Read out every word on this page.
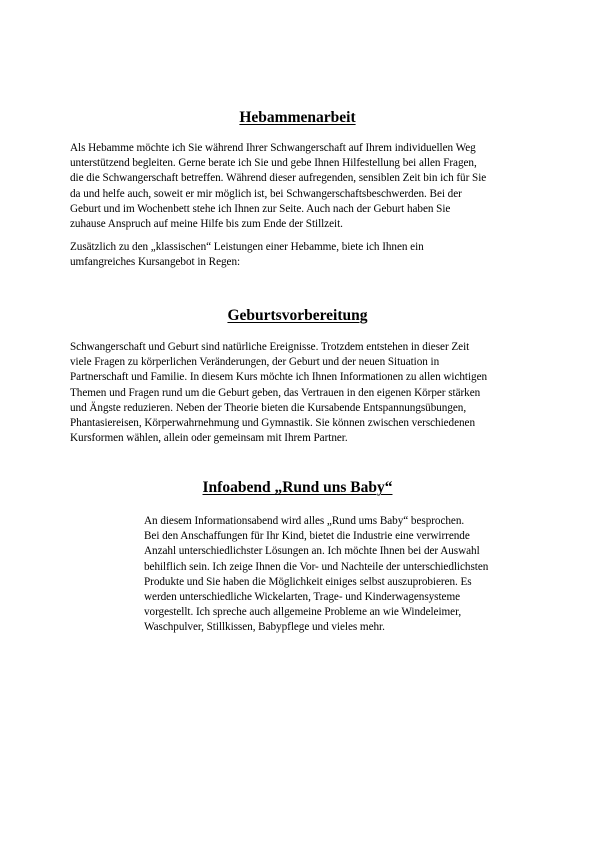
Hebammenarbeit

Als Hebamme möchte ich Sie während Ihrer Schwangerschaft auf Ihrem individuellen Weg
unterstützend begleiten. Gerne berate ich Sie und gebe Ihnen Hilfestellung bei allen Fragen,
die die Schwangerschaft betreffen. Während dieser aufregenden, sensiblen Zeit bin ich für Sie
da und helfe auch, soweit er mir möglich ist, bei Schwangerschaftsbeschwerden. Bei der
Geburt und im Wochenbett stehe ich Ihnen zur Seite. Auch nach der Geburt haben Sie
zuhause Anspruch auf meine Hilfe bis zum Ende der Stillzeit.

Zusätzlich zu den „klassischen“ Leistungen einer Hebamme, biete ich Ihnen ein
umfangreiches Kursangebot in Regen:

Geburtsvorbereitung

Schwangerschaft und Geburt sind natürliche Ereignisse. Trotzdem entstehen in dieser Zeit
viele Fragen zu körperlichen Veränderungen, der Geburt und der neuen Situation in
Partnerschaft und Familie. In diesem Kurs möchte ich Ihnen Informationen zu allen wichtigen
Themen und Fragen rund um die Geburt geben, das Vertrauen in den eigenen Körper stärken
und Ängste reduzieren. Neben der Theorie bieten die Kursabende Entspannungsübungen,
Phantasiereisen, Körperwahrnehmung und Gymnastik. Sie können zwischen verschiedenen
Kursformen wählen, allein oder gemeinsam mit Ihrem Partner.

Infoabend „Rund uns Baby“

An diesem Informationsabend wird alles „Rund ums Baby“ besprochen.
Bei den Anschaffungen für Ihr Kind, bietet die Industrie eine verwirrende
Anzahl unterschiedlichster Lösungen an. Ich möchte Ihnen bei der Auswahl
behilflich sein. Ich zeige Ihnen die Vor- und Nachteile der unterschiedlichsten
Produkte und Sie haben die Möglichkeit einiges selbst auszuprobieren. Es
werden unterschiedliche Wickelarten, Trage- und Kinderwagensysteme
vorgestellt. Ich spreche auch allgemeine Probleme an wie Windeleimer,
Waschpulver, Stillkissen, Babypflege und vieles mehr.
